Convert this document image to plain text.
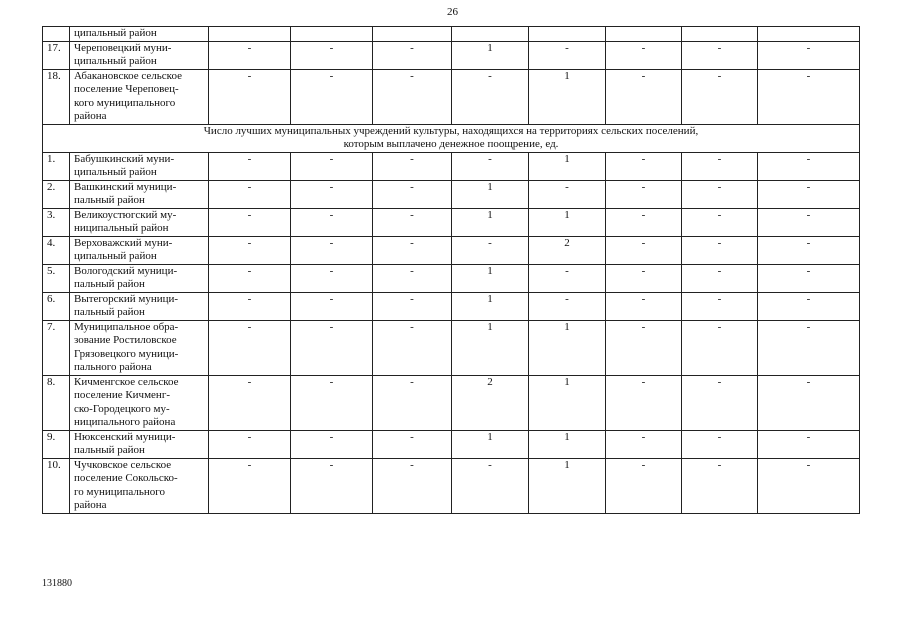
26

	ципальный район								

17.	Череповецкий муни-
ципальный район	-	-	-	1	-	-	-	-
18.	Абакановское сельское
поселение Череповец-
кого муниципального
района	-	-	-	-	1	-	-	-

Число лучших муниципальных учреждений культуры, находящихся на территориях сельских поселений,
которым выплачено денежное поощрение, ед.									

1.	Бабушкинский муни-
ципальный район	-	-	-	-	1	-	-	-
2.	Вашкинский муници-
пальный район	-	-	-	1	-	-	-	-
3.	Великоустюгский му-
ниципальный район	-	-	-	1	1	-	-	-
4.	Верховажский муни-
ципальный район	-	-	-	-	2	-	-	-
5.	Вологодский муници-
пальный район	-	-	-	1	-	-	-	-
6.	Вытегорский муници-
пальный район	-	-	-	1	-	-	-	-
7.	Муниципальное обра-
зование Ростиловское
Грязовецкого муници-
пального района	-	-	-	1	1	-	-	-
8.	Кичменгское сельское
поселение Кичменг-
ско-Городецкого му-
ниципального района	-	-	-	2	1	-	-	-
9.	Нюксенский муници-
пальный район	-	-	-	1	1	-	-	-
10.	Чучковское сельское
поселение Сокольско-
го муниципального
района	-	-	-	-	1	-	-	-
131880
